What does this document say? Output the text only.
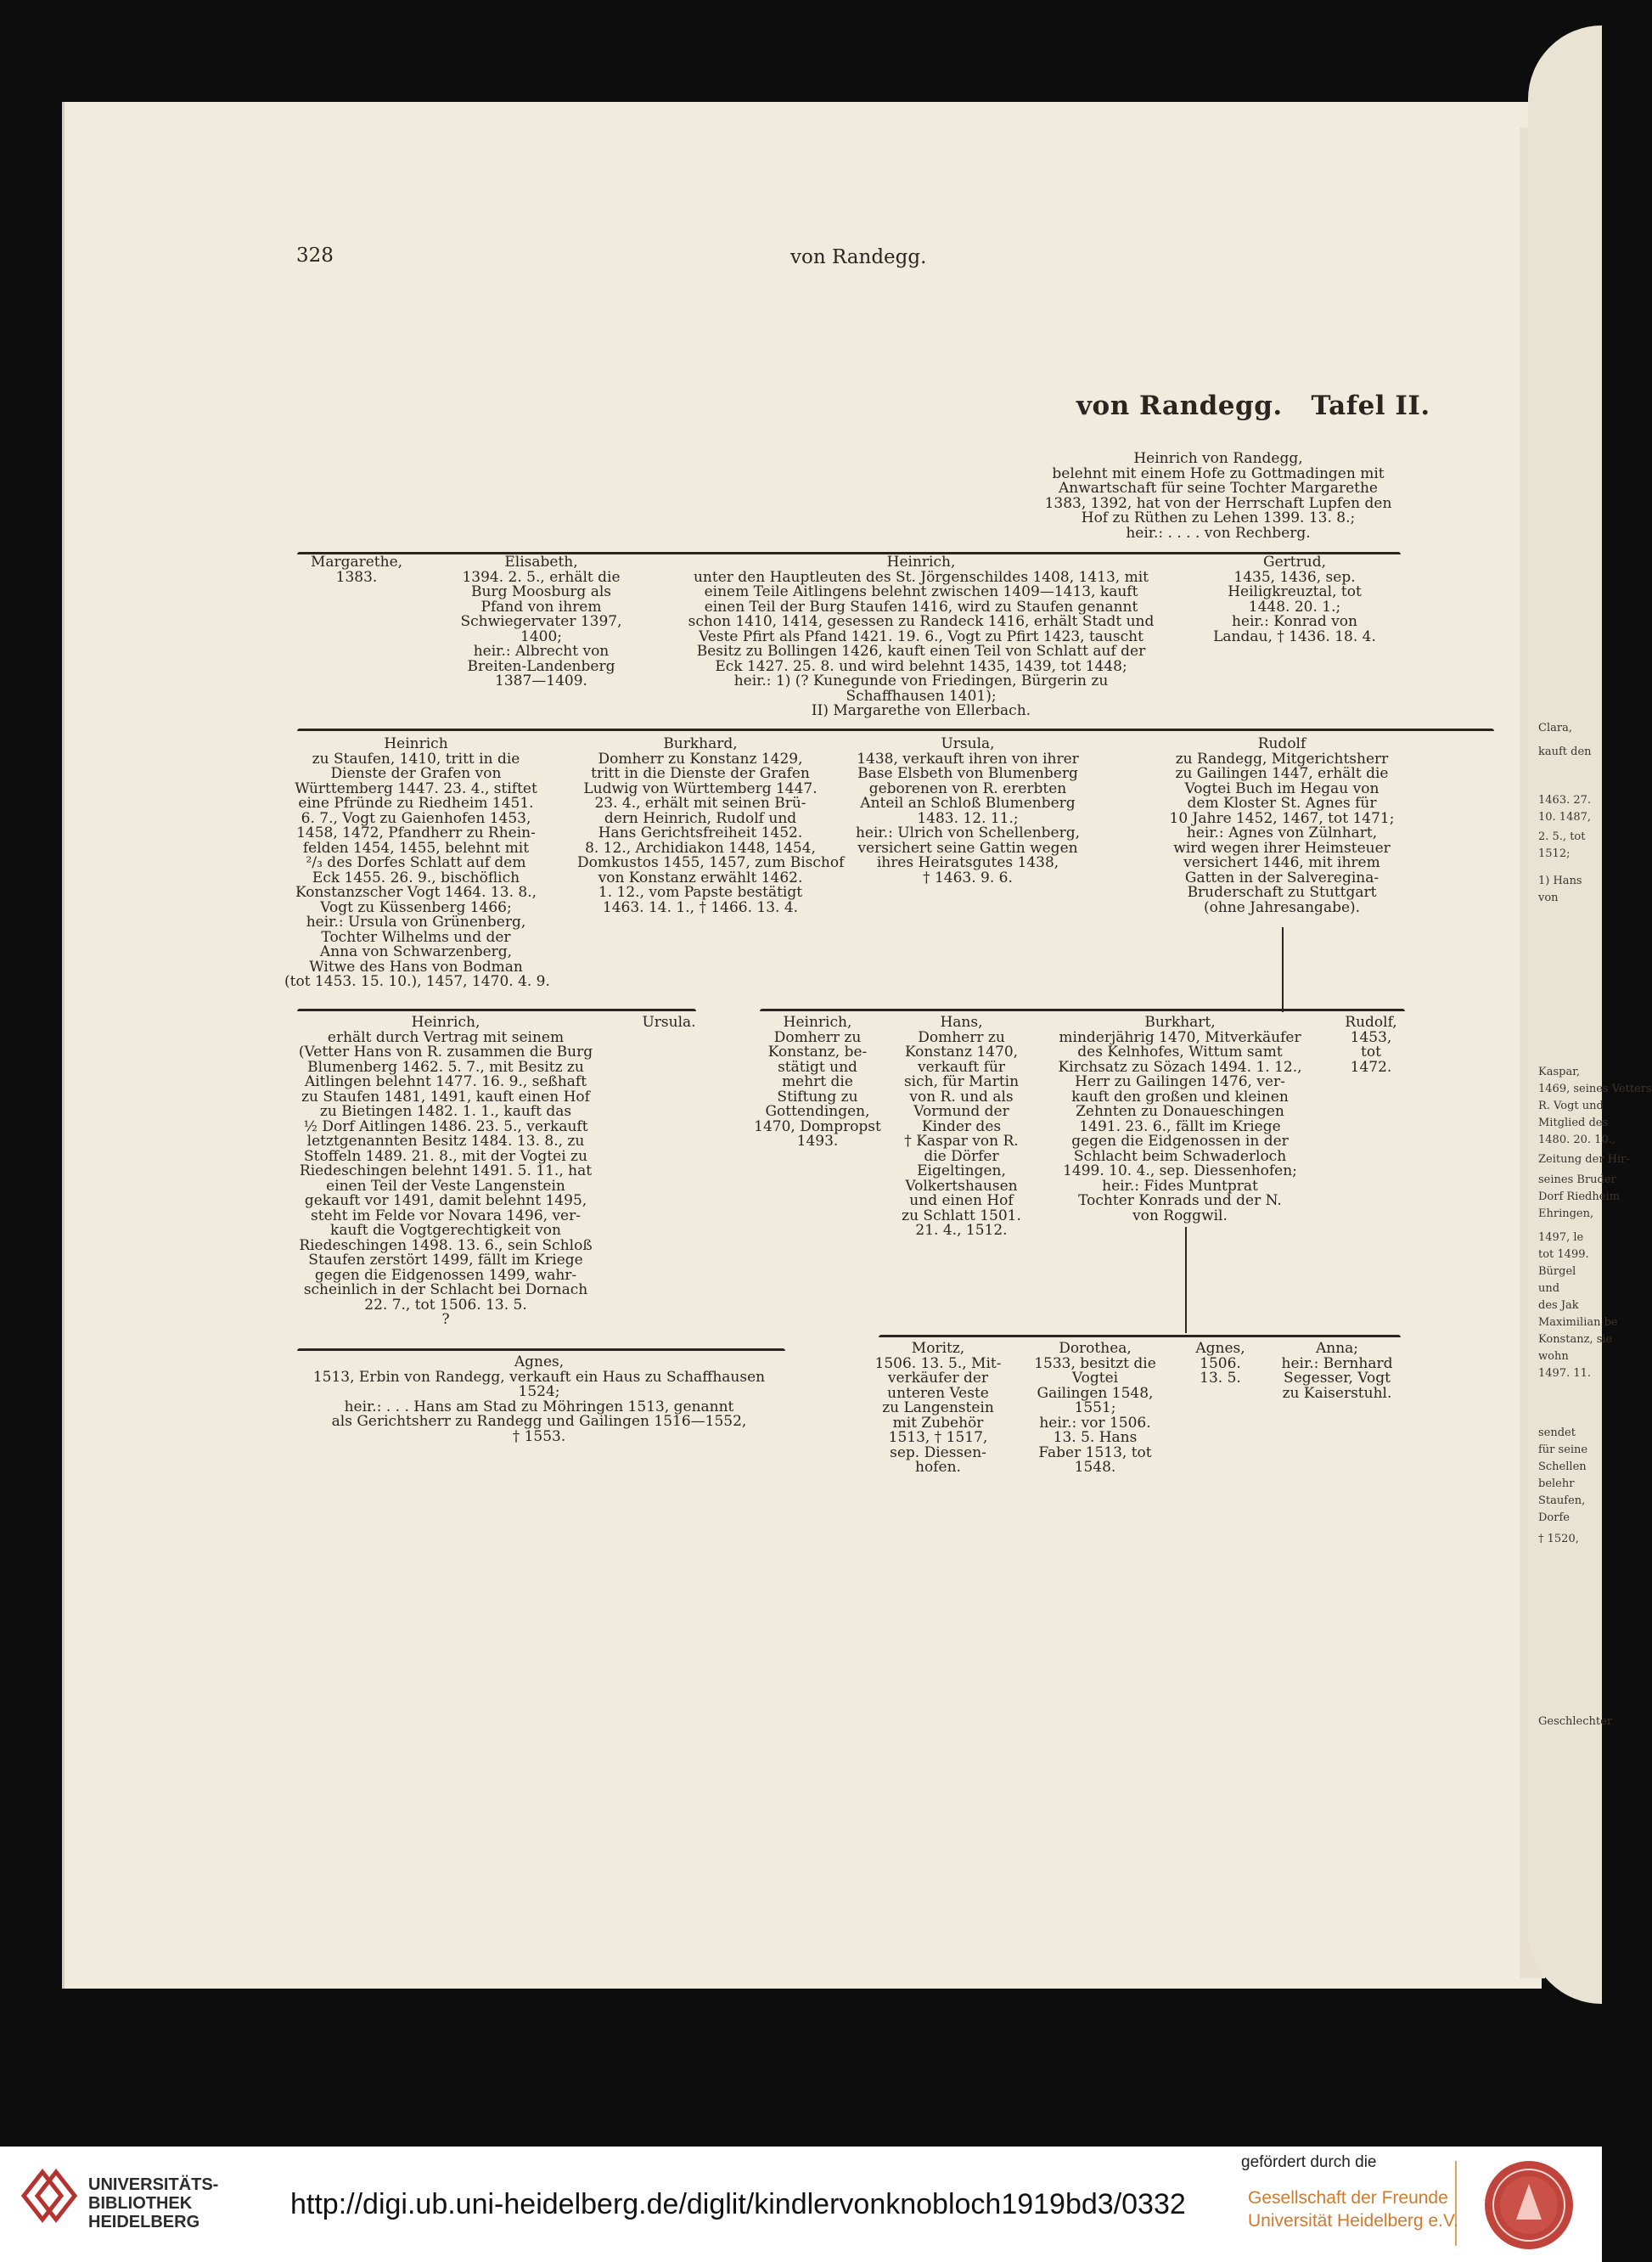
Clara,
kauft den
1463. 27.
10. 1487,
2. 5., tot
1512;
1) Hans
von
Kaspar,
1469, seines Vetters
R. Vogt und
Mitglied des
1480. 20. 10.,
Zeitung der Hir-
seines Bruder
Dorf Riedheim
Ehringen,
1497, le
tot 1499.
Bürgel
und
des Jak
Maximilian be
Konstanz, sie
wohn
1497. 11.
sendet
für seine
Schellen
belehr
Staufen,
Dorfe
† 1520,
Geschlechter
328	von Randegg.
von Randegg.   Tafel II.
Heinrich von Randegg,
belehnt mit einem Hofe zu Gottmadingen mit
Anwartschaft für seine Tochter Margarethe
1383, 1392, hat von der Herrschaft Lupfen den
Hof zu Rüthen zu Lehen 1399. 13. 8.;
heir.: . . . . von Rechberg.
Margarethe,
1383.
Elisabeth,
1394. 2. 5., erhält die
Burg Moosburg als
Pfand von ihrem
Schwiegervater 1397,
1400;
heir.: Albrecht von
Breiten-Landenberg
1387—1409.
Heinrich,
unter den Hauptleuten des St. Jörgenschildes 1408, 1413, mit
einem Teile Aitlingens belehnt zwischen 1409—1413, kauft
einen Teil der Burg Staufen 1416, wird zu Staufen genannt
schon 1410, 1414, gesessen zu Randeck 1416, erhält Stadt und
Veste Pfirt als Pfand 1421. 19. 6., Vogt zu Pfirt 1423, tauscht
Besitz zu Bollingen 1426, kauft einen Teil von Schlatt auf der
Eck 1427. 25. 8. und wird belehnt 1435, 1439, tot 1448;
heir.: 1) (? Kunegunde von Friedingen, Bürgerin zu
Schaffhausen 1401);
II) Margarethe von Ellerbach.
Gertrud,
1435, 1436, sep.
Heiligkreuztal, tot
1448. 20. 1.;
heir.: Konrad von
Landau, † 1436. 18. 4.
Heinrich
zu Staufen, 1410, tritt in die
Dienste der Grafen von
Württemberg 1447. 23. 4., stiftet
eine Pfründe zu Riedheim 1451.
6. 7., Vogt zu Gaienhofen 1453,
1458, 1472, Pfandherr zu Rhein-
felden 1454, 1455, belehnt mit
²/₃ des Dorfes Schlatt auf dem
Eck 1455. 26. 9., bischöflich
Konstanzscher Vogt 1464. 13. 8.,
Vogt zu Küssenberg 1466;
heir.: Ursula von Grünenberg,
Tochter Wilhelms und der
Anna von Schwarzenberg,
Witwe des Hans von Bodman
(tot 1453. 15. 10.), 1457, 1470. 4. 9.
Burkhard,
Domherr zu Konstanz 1429,
tritt in die Dienste der Grafen
Ludwig von Württemberg 1447.
23. 4., erhält mit seinen Brü-
dern Heinrich, Rudolf und
Hans Gerichtsfreiheit 1452.
8. 12., Archidiakon 1448, 1454,
Domkustos 1455, 1457, zum Bischof
von Konstanz erwählt 1462.
1. 12., vom Papste bestätigt
1463. 14. 1., † 1466. 13. 4.
Ursula,
1438, verkauft ihren von ihrer
Base Elsbeth von Blumenberg
geborenen von R. ererbten
Anteil an Schloß Blumenberg
1483. 12. 11.;
heir.: Ulrich von Schellenberg,
versichert seine Gattin wegen
ihres Heiratsgutes 1438,
† 1463. 9. 6.
Rudolf
zu Randegg, Mitgerichtsherr
zu Gailingen 1447, erhält die
Vogtei Buch im Hegau von
dem Kloster St. Agnes für
10 Jahre 1452, 1467, tot 1471;
heir.: Agnes von Zülnhart,
wird wegen ihrer Heimsteuer
versichert 1446, mit ihrem
Gatten in der Salveregina-
Bruderschaft zu Stuttgart
(ohne Jahresangabe).
Heinrich,
erhält durch Vertrag mit seinem
(Vetter Hans von R. zusammen die Burg
Blumenberg 1462. 5. 7., mit Besitz zu
Aitlingen belehnt 1477. 16. 9., seßhaft
zu Staufen 1481, 1491, kauft einen Hof
zu Bietingen 1482. 1. 1., kauft das
½ Dorf Aitlingen 1486. 23. 5., verkauft
letztgenannten Besitz 1484. 13. 8., zu
Stoffeln 1489. 21. 8., mit der Vogtei zu
Riedeschingen belehnt 1491. 5. 11., hat
einen Teil der Veste Langenstein
gekauft vor 1491, damit belehnt 1495,
steht im Felde vor Novara 1496, ver-
kauft die Vogtgerechtigkeit von
Riedeschingen 1498. 13. 6., sein Schloß
Staufen zerstört 1499, fällt im Kriege
gegen die Eidgenossen 1499, wahr-
scheinlich in der Schlacht bei Dornach
22. 7., tot 1506. 13. 5.
?
Ursula.	Heinrich,
Domherr zu
Konstanz, be-
stätigt und
mehrt die
Stiftung zu
Gottendingen,
1470, Dompropst
1493.
Hans,
Domherr zu
Konstanz 1470,
verkauft für
sich, für Martin
von R. und als
Vormund der
Kinder des
† Kaspar von R.
die Dörfer
Eigeltingen,
Volkertshausen
und einen Hof
zu Schlatt 1501.
21. 4., 1512.
Burkhart,
minderjährig 1470, Mitverkäufer
des Kelnhofes, Wittum samt
Kirchsatz zu Sözach 1494. 1. 12.,
Herr zu Gailingen 1476, ver-
kauft den großen und kleinen
Zehnten zu Donaueschingen
1491. 23. 6., fällt im Kriege
gegen die Eidgenossen in der
Schlacht beim Schwaderloch
1499. 10. 4., sep. Diessenhofen;
heir.: Fides Muntprat
Tochter Konrads und der N.
von Roggwil.
Rudolf,
1453,
tot
1472.
Agnes,
1513, Erbin von Randegg, verkauft ein Haus zu Schaffhausen
1524;
heir.: . . . Hans am Stad zu Möhringen 1513, genannt
als Gerichtsherr zu Randegg und Gailingen 1516—1552,
† 1553.
Moritz,
1506. 13. 5., Mit-
verkäufer der
unteren Veste
zu Langenstein
mit Zubehör
1513, † 1517,
sep. Diessen-
hofen.
Dorothea,
1533, besitzt die
Vogtei
Gailingen 1548,
1551;
heir.: vor 1506.
13. 5. Hans
Faber 1513, tot
1548.
Agnes,
1506.
13. 5.
Anna;
heir.: Bernhard
Segesser, Vogt
zu Kaiserstuhl.
UNIVERSITÄTS-
BIBLIOTHEK
HEIDELBERG
http://digi.ub.uni-heidelberg.de/diglit/kindlervonknobloch1919bd3/0332
gefördert durch die
Gesellschaft der Freunde
Universität Heidelberg e.V.
